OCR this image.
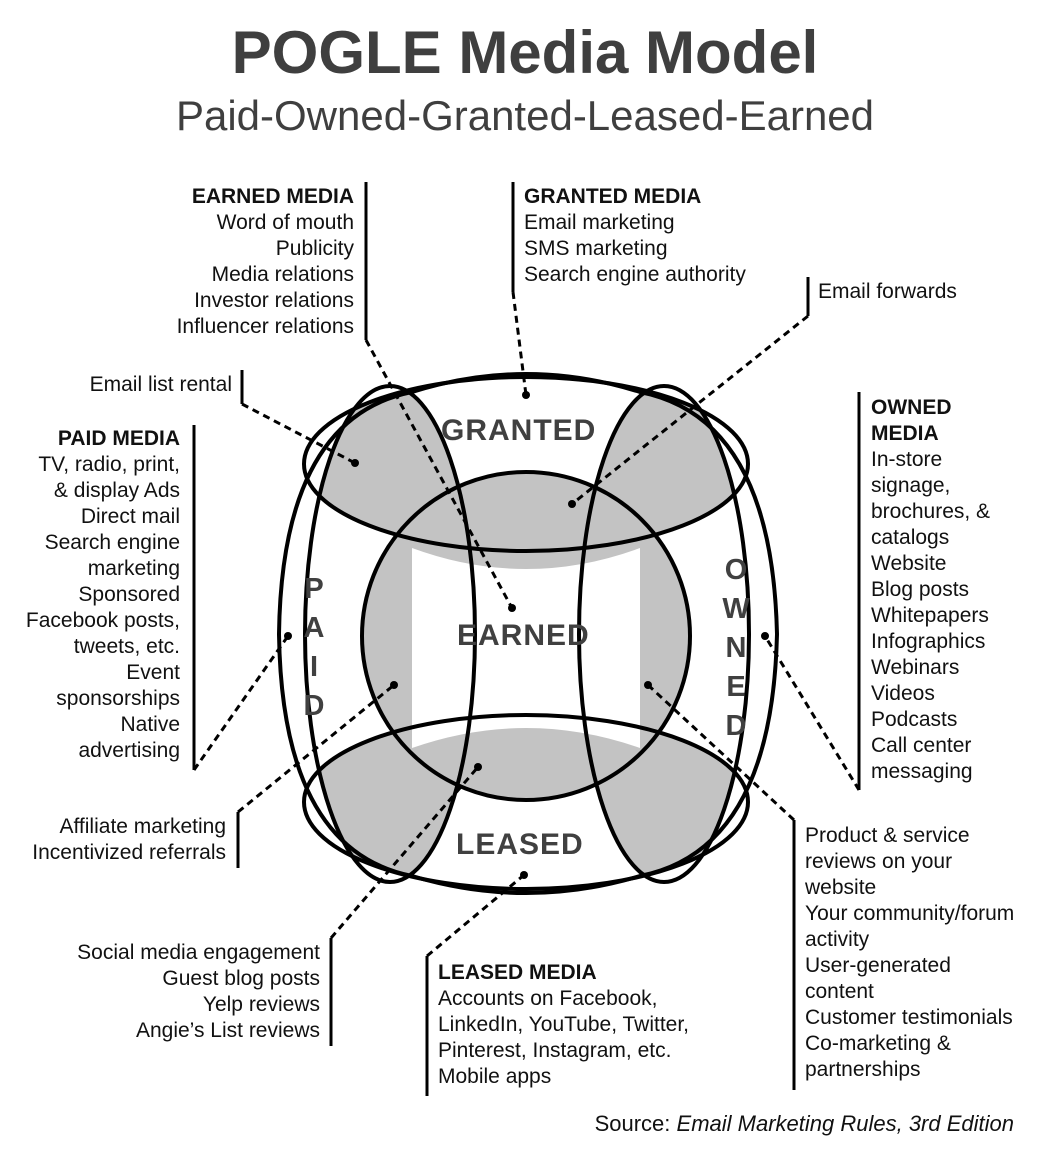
POGLE Media Model
Paid-Owned-Granted-Leased-Earned
GRANTED
EARNED
LEASED
P
A
I
D
O
W
N
E
D
EARNED MEDIA
Word of mouth
Publicity
Media relations
Investor relations
Influencer relations
GRANTED MEDIA
Email marketing
SMS marketing
Search engine authority
Email forwards
Email list rental
PAID MEDIA
TV, radio, print,
& display Ads
Direct mail
Search engine
marketing
Sponsored
Facebook posts,
tweets, etc.
Event
sponsorships
Native
advertising
OWNED
MEDIA
In-store
signage,
brochures, &
catalogs
Website
Blog posts
Whitepapers
Infographics
Webinars
Videos
Podcasts
Call center
messaging
Affiliate marketing
Incentivized referrals
Social media engagement
Guest blog posts
Yelp reviews
Angie’s List reviews
LEASED MEDIA
Accounts on Facebook,
LinkedIn, YouTube, Twitter,
Pinterest, Instagram, etc.
Mobile apps
Product & service
reviews on your
website
Your community/forum
activity
User-generated
content
Customer testimonials
Co-marketing &
partnerships
Source: Email Marketing Rules, 3rd Edition
